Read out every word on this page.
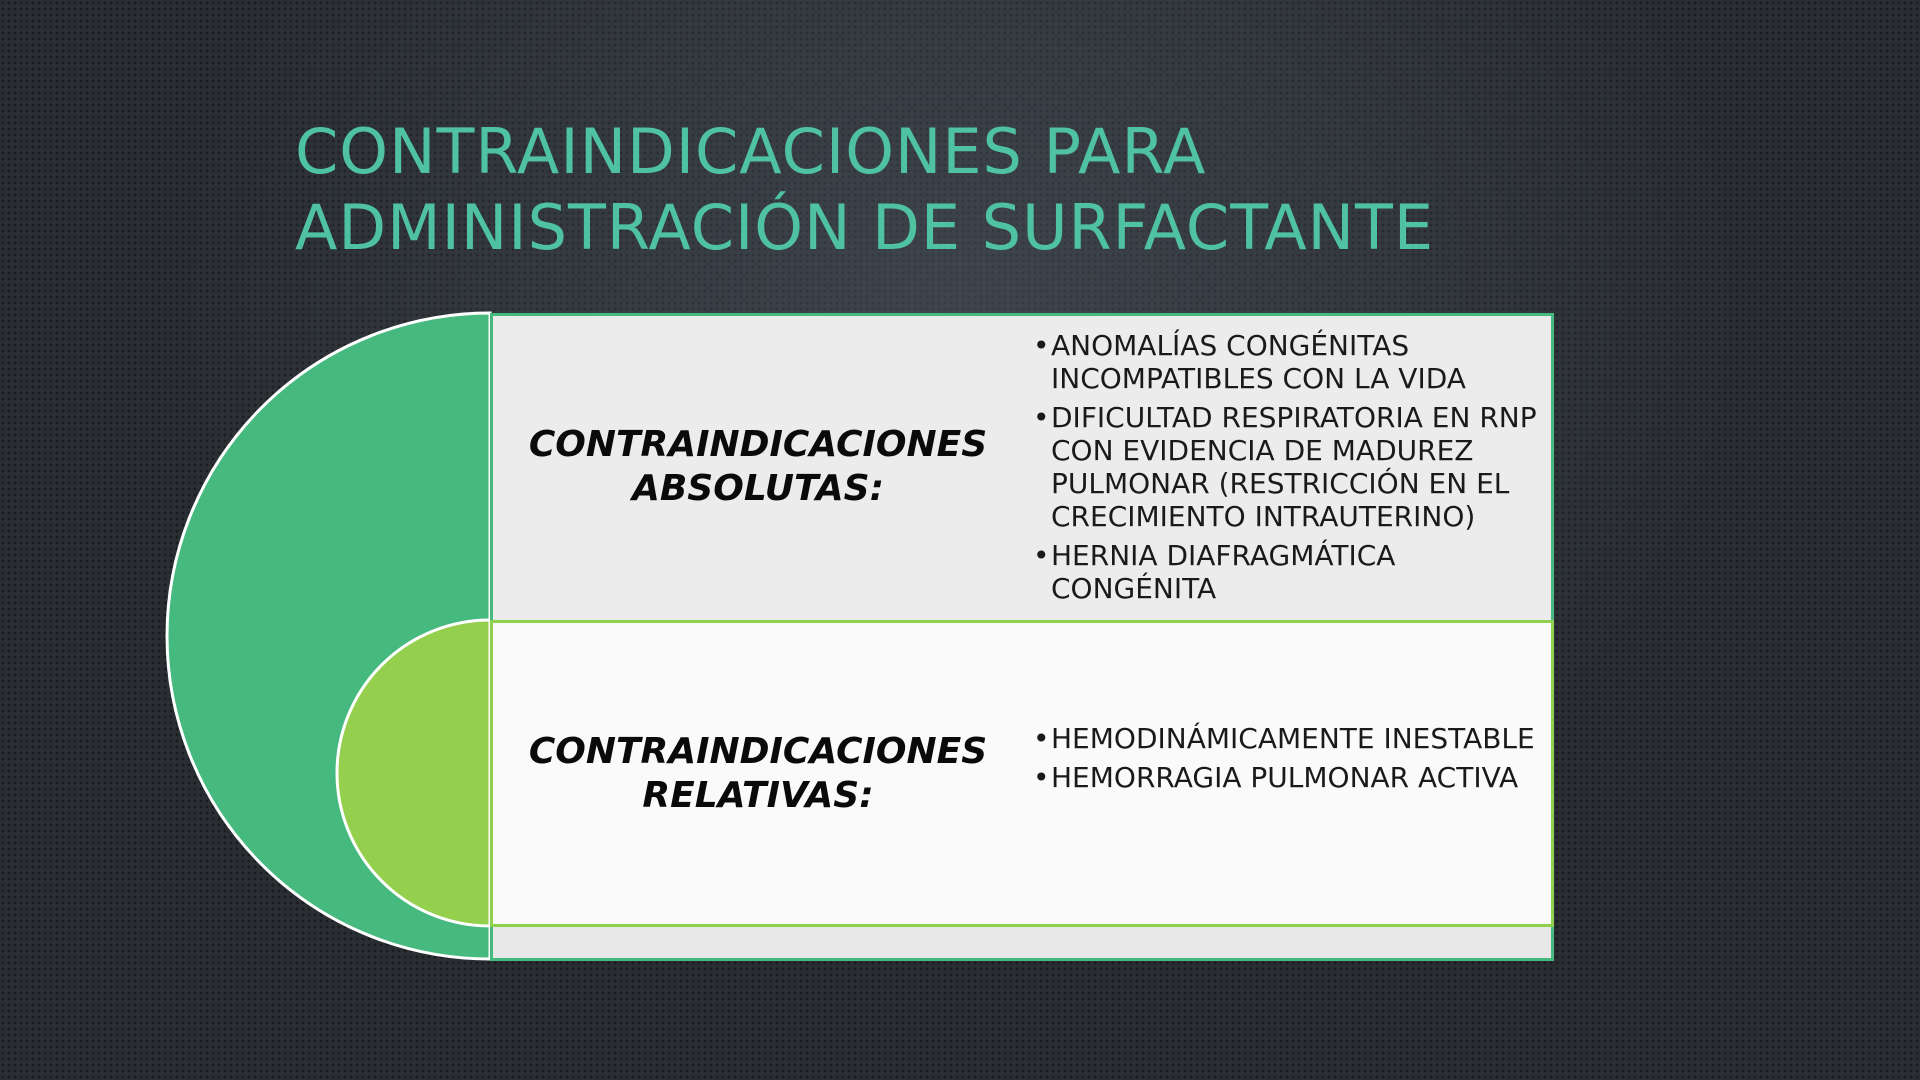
CONTRAINDICACIONES PARA
ADMINISTRACIÓN DE SURFACTANTE
CONTRAINDICACIONES
ABSOLUTAS:
• ANOMALÍAS CONGÉNITAS INCOMPATIBLES CON LA VIDA
• DIFICULTAD RESPIRATORIA EN RNP CON EVIDENCIA DE MADUREZ PULMONAR (RESTRICCIÓN EN EL CRECIMIENTO INTRAUTERINO)
• HERNIA DIAFRAGMÁTICA CONGÉNITA
CONTRAINDICACIONES
RELATIVAS:
• HEMODINÁMICAMENTE INESTABLE
• HEMORRAGIA PULMONAR ACTIVA
